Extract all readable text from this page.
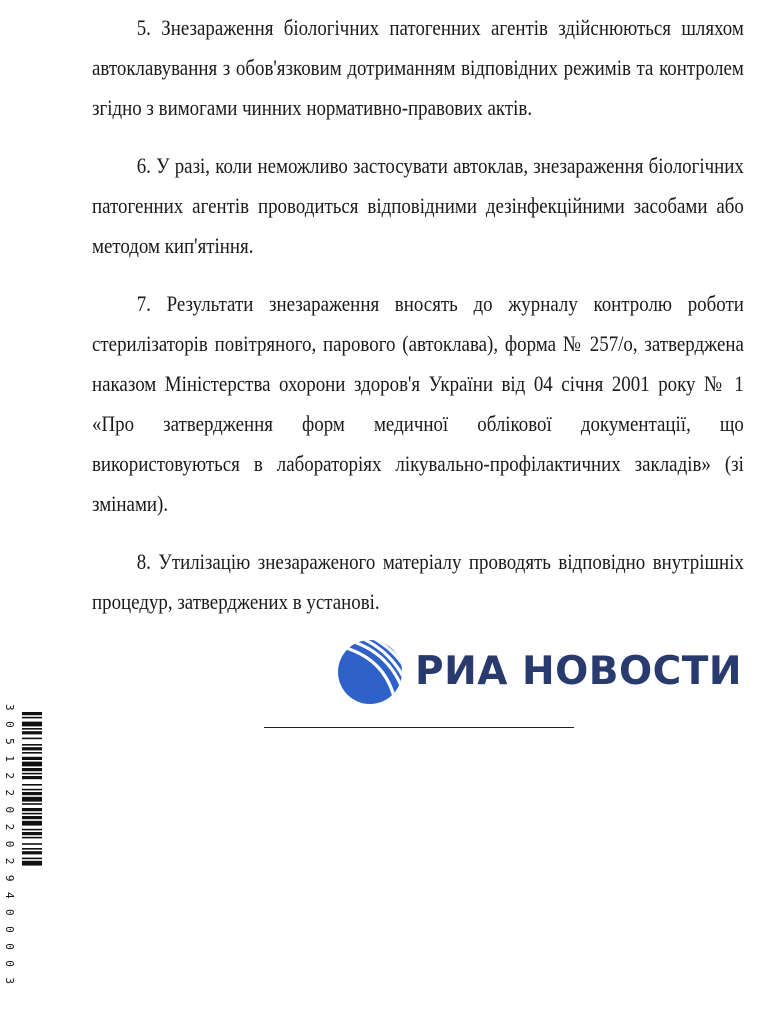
5. Знезараження біологічних патогенних агентів здійснюються шляхом автоклавування з обов'язковим дотриманням відповідних режимів та контролем згідно з вимогами чинних нормативно-правових актів.

6. У разі, коли неможливо застосувати автоклав, знезараження біологічних патогенних агентів проводиться відповідними дезінфекційними засобами або методом кип'ятіння.

7. Результати знезараження вносять до журналу контролю роботи стерилізаторів повітряного, парового (автоклава), форма № 257/о, затверджена наказом Міністерства охорони здоров'я України від 04 січня 2001 року № 1 «Про затвердження форм медичної облікової документації, що використовуються в лабораторіях лікувально-профілактичних закладів» (зі змінами).

8. Утилізацію знезараженого матеріалу проводять відповідно внутрішніх процедур, затверджених в установі.

РИА НОВОСТИ
3 0 5 1 2 2 0 2 0 2 9 4 0 0 0 0 3
